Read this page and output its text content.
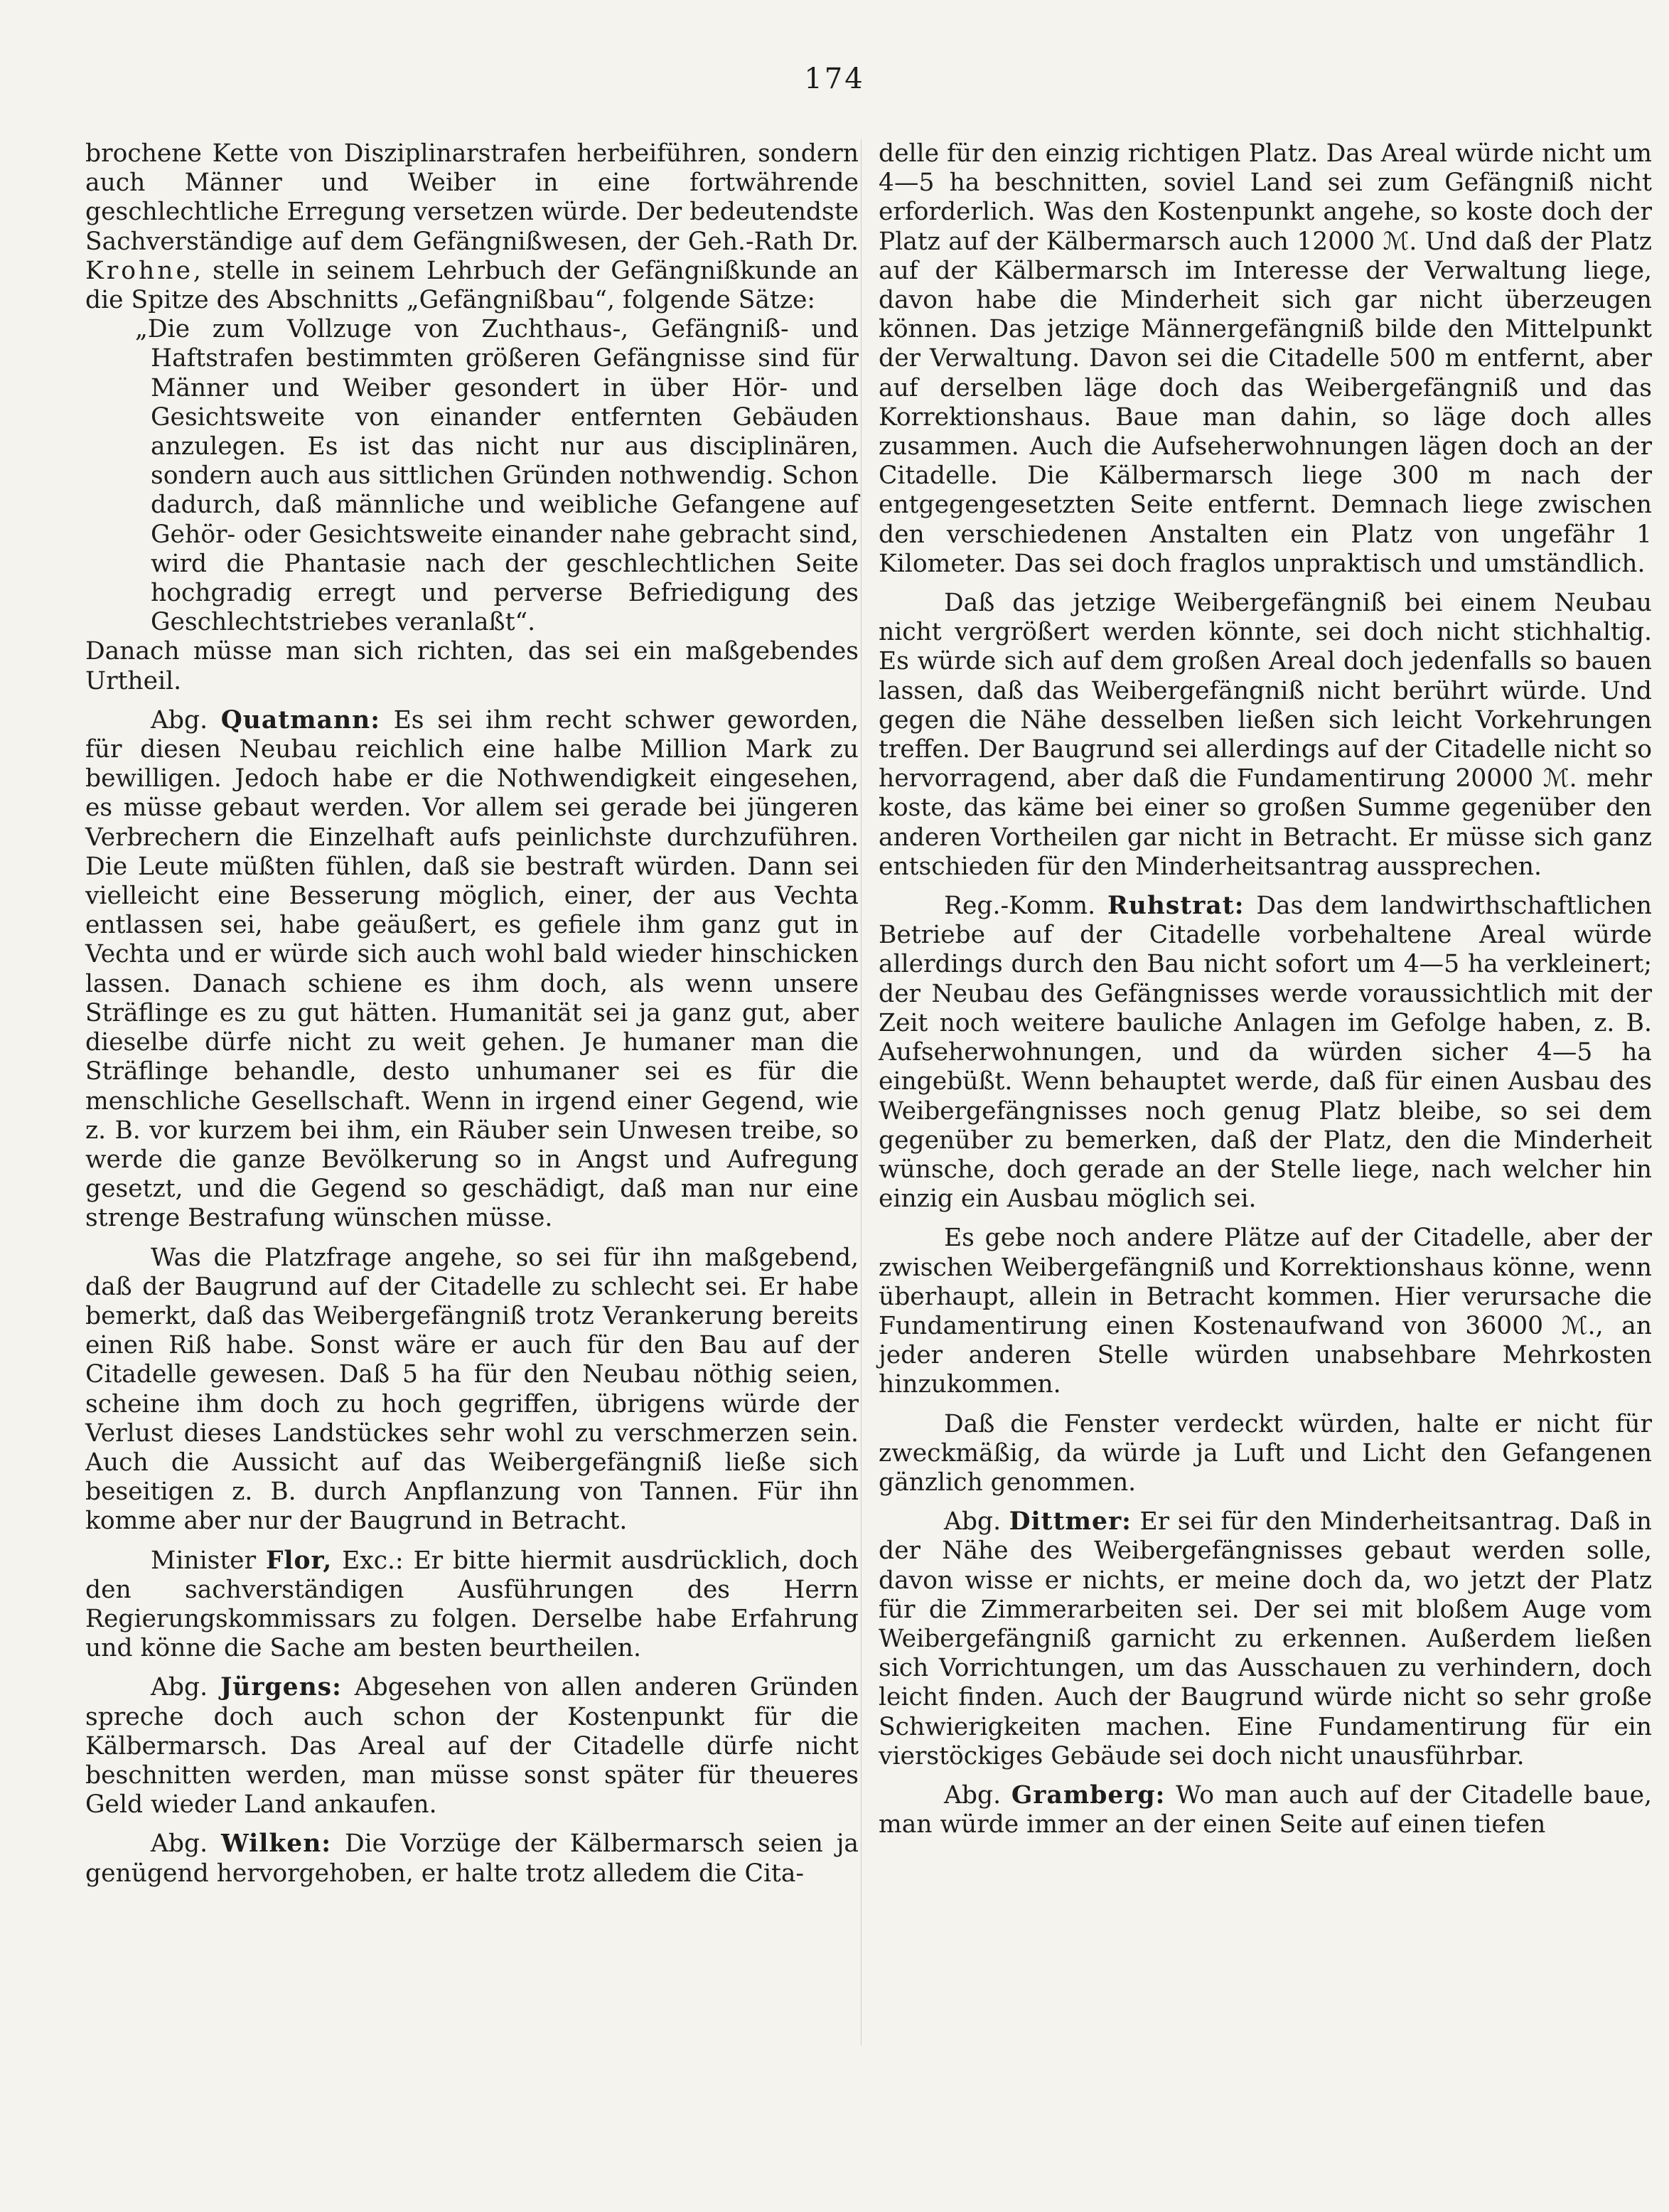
174

brochene Kette von Disziplinarstrafen herbeiführen, sondern auch Männer und Weiber in eine fortwährende geschlechtliche Erregung versetzen würde. Der bedeutendste Sachverständige auf dem Gefängnißwesen, der Geh.-Rath Dr. Krohne, stelle in seinem Lehrbuch der Gefängnißkunde an die Spitze des Abschnitts „Gefängnißbau“, folgende Sätze:

„Die zum Vollzuge von Zuchthaus-, Gefängniß- und Haftstrafen bestimmten größeren Gefängnisse sind für Männer und Weiber gesondert in über Hör- und Gesichtsweite von einander entfernten Gebäuden anzulegen. Es ist das nicht nur aus disciplinären, sondern auch aus sittlichen Gründen nothwendig. Schon dadurch, daß männliche und weibliche Gefangene auf Gehör- oder Gesichtsweite einander nahe gebracht sind, wird die Phantasie nach der geschlechtlichen Seite hochgradig erregt und perverse Befriedigung des Geschlechtstriebes veranlaßt“.

Danach müsse man sich richten, das sei ein maßgebendes Urtheil.

Abg. Quatmann: Es sei ihm recht schwer geworden, für diesen Neubau reichlich eine halbe Million Mark zu bewilligen. Jedoch habe er die Nothwendigkeit eingesehen, es müsse gebaut werden. Vor allem sei gerade bei jüngeren Verbrechern die Einzelhaft aufs peinlichste durchzuführen. Die Leute müßten fühlen, daß sie bestraft würden. Dann sei vielleicht eine Besserung möglich, einer, der aus Vechta entlassen sei, habe geäußert, es gefiele ihm ganz gut in Vechta und er würde sich auch wohl bald wieder hinschicken lassen. Danach schiene es ihm doch, als wenn unsere Sträflinge es zu gut hätten. Humanität sei ja ganz gut, aber dieselbe dürfe nicht zu weit gehen. Je humaner man die Sträflinge behandle, desto unhumaner sei es für die menschliche Gesellschaft. Wenn in irgend einer Gegend, wie z. B. vor kurzem bei ihm, ein Räuber sein Unwesen treibe, so werde die ganze Bevölkerung so in Angst und Aufregung gesetzt, und die Gegend so geschädigt, daß man nur eine strenge Bestrafung wünschen müsse.

Was die Platzfrage angehe, so sei für ihn maßgebend, daß der Baugrund auf der Citadelle zu schlecht sei. Er habe bemerkt, daß das Weibergefängniß trotz Verankerung bereits einen Riß habe. Sonst wäre er auch für den Bau auf der Citadelle gewesen. Daß 5 ha für den Neubau nöthig seien, scheine ihm doch zu hoch gegriffen, übrigens würde der Verlust dieses Landstückes sehr wohl zu verschmerzen sein. Auch die Aussicht auf das Weibergefängniß ließe sich beseitigen z. B. durch Anpflanzung von Tannen. Für ihn komme aber nur der Baugrund in Betracht.

Minister Flor, Exc.: Er bitte hiermit ausdrücklich, doch den sachverständigen Ausführungen des Herrn Regierungskommissars zu folgen. Derselbe habe Erfahrung und könne die Sache am besten beurtheilen.

Abg. Jürgens: Abgesehen von allen anderen Gründen spreche doch auch schon der Kostenpunkt für die Kälbermarsch. Das Areal auf der Citadelle dürfe nicht beschnitten werden, man müsse sonst später für theueres Geld wieder Land ankaufen.

Abg. Wilken: Die Vorzüge der Kälbermarsch seien ja genügend hervorgehoben, er halte trotz alledem die Cita-

delle für den einzig richtigen Platz. Das Areal würde nicht um 4—5 ha beschnitten, soviel Land sei zum Gefängniß nicht erforderlich. Was den Kostenpunkt angehe, so koste doch der Platz auf der Kälbermarsch auch 12000 ℳ. Und daß der Platz auf der Kälbermarsch im Interesse der Verwaltung liege, davon habe die Minderheit sich gar nicht überzeugen können. Das jetzige Männergefängniß bilde den Mittelpunkt der Verwaltung. Davon sei die Citadelle 500 m entfernt, aber auf derselben läge doch das Weibergefängniß und das Korrektionshaus. Baue man dahin, so läge doch alles zusammen. Auch die Aufseherwohnungen lägen doch an der Citadelle. Die Kälbermarsch liege 300 m nach der entgegengesetzten Seite entfernt. Demnach liege zwischen den verschiedenen Anstalten ein Platz von ungefähr 1 Kilometer. Das sei doch fraglos unpraktisch und umständlich.

Daß das jetzige Weibergefängniß bei einem Neubau nicht vergrößert werden könnte, sei doch nicht stichhaltig. Es würde sich auf dem großen Areal doch jedenfalls so bauen lassen, daß das Weibergefängniß nicht berührt würde. Und gegen die Nähe desselben ließen sich leicht Vorkehrungen treffen. Der Baugrund sei allerdings auf der Citadelle nicht so hervorragend, aber daß die Fundamentirung 20000 ℳ. mehr koste, das käme bei einer so großen Summe gegenüber den anderen Vortheilen gar nicht in Betracht. Er müsse sich ganz entschieden für den Minderheitsantrag aussprechen.

Reg.-Komm. Ruhstrat: Das dem landwirthschaftlichen Betriebe auf der Citadelle vorbehaltene Areal würde allerdings durch den Bau nicht sofort um 4—5 ha verkleinert; der Neubau des Gefängnisses werde voraussichtlich mit der Zeit noch weitere bauliche Anlagen im Gefolge haben, z. B. Aufseherwohnungen, und da würden sicher 4—5 ha eingebüßt. Wenn behauptet werde, daß für einen Ausbau des Weibergefängnisses noch genug Platz bleibe, so sei dem gegenüber zu bemerken, daß der Platz, den die Minderheit wünsche, doch gerade an der Stelle liege, nach welcher hin einzig ein Ausbau möglich sei.

Es gebe noch andere Plätze auf der Citadelle, aber der zwischen Weibergefängniß und Korrektionshaus könne, wenn überhaupt, allein in Betracht kommen. Hier verursache die Fundamentirung einen Kostenaufwand von 36000 ℳ., an jeder anderen Stelle würden unabsehbare Mehrkosten hinzukommen.

Daß die Fenster verdeckt würden, halte er nicht für zweckmäßig, da würde ja Luft und Licht den Gefangenen gänzlich genommen.

Abg. Dittmer: Er sei für den Minderheitsantrag. Daß in der Nähe des Weibergefängnisses gebaut werden solle, davon wisse er nichts, er meine doch da, wo jetzt der Platz für die Zimmerarbeiten sei. Der sei mit bloßem Auge vom Weibergefängniß garnicht zu erkennen. Außerdem ließen sich Vorrichtungen, um das Ausschauen zu verhindern, doch leicht finden. Auch der Baugrund würde nicht so sehr große Schwierigkeiten machen. Eine Fundamentirung für ein vierstöckiges Gebäude sei doch nicht unausführbar.

Abg. Gramberg: Wo man auch auf der Citadelle baue, man würde immer an der einen Seite auf einen tiefen
